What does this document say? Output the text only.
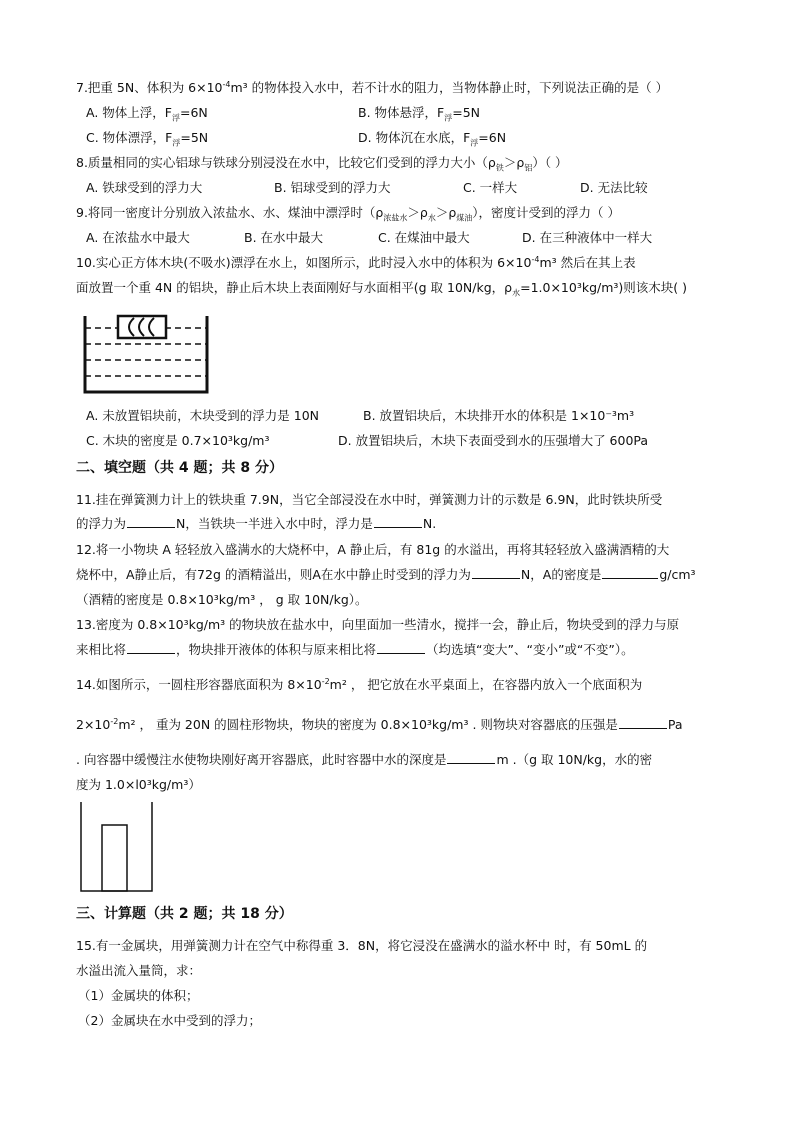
7.把重 5N、体积为 $6\times 10^{-4}m^3$ 的物体投入水中，若不计水的阻力，当物体静止时，下列说法正确的是（ ）
A. 物体上浮，$F_浮=6N$	B. 物体悬浮，$F_浮=5N$
C. 物体漂浮，$F_浮=5N$	D. 物体沉在水底，$F_浮=6N$
8.质量相同的实心铝球与铁球分别浸没在水中，比较它们受到的浮力大小$(\rho_铁>\rho_铝)$（ ）
A. 铁球受到的浮力大	B. 铝球受到的浮力大	C. 一样大	D. 无法比较
9.将同一密度计分别放入浓盐水、水、煤油中漂浮时$(\rho_{浓盐水}>\rho_水>\rho_{煤油})$，密度计受到的浮力（ ）
A. 在浓盐水中最大	B. 在水中最大	C. 在煤油中最大	D. 在三种液体中一样大
10.实心正方体木块(不吸水)漂浮在水上，如图所示，此时浸入水中的体积为 $6\times 10^{-4}m^3$ 然后在其上表
面放置一个重 4N 的铝块，静止后木块上表面刚好与水面相平(g 取 10N/kg，$\rho_水=1.0\times 10^3kg/m^3$)则该木块( )
A. 未放置铝块前，木块受到的浮力是 10N	B. 放置铝块后，木块排开水的体积是 1×10⁻³m³
C. 木块的密度是 0.7×10³kg/m³	D. 放置铝块后，木块下表面受到水的压强增大了 600Pa
二、填空题（共 4 题；共 8 分）
11.挂在弹簧测力计上的铁块重 7.9N，当它全部浸没在水中时，弹簧测力计的示数是 6.9N，此时铁块所受
的浮力为	N，当铁块一半进入水中时，浮力是	N.
12.将一小物块 A 轻轻放入盛满水的大烧杯中，A 静止后，有 81g 的水溢出，再将其轻轻放入盛满酒精的大
烧杯中，A静止后，有72g 的酒精溢出，则A在水中静止时受到的浮力为	N，A的密度是	g/cm³
（酒精的密度是 0.8×10³kg/m³ ， g 取 10N/kg）。
13.密度为 0.8×10³kg/m³ 的物块放在盐水中，向里面加一些清水，搅拌一会，静止后，物块受到的浮力与原
来相比将	，物块排开液体的体积与原来相比将	（均选填“变大”、“变小”或“不变”）。
14.如图所示，一圆柱形容器底面积为 $8\times 10^{-2}m^2$ ， 把它放在水平桌面上，在容器内放入一个底面积为
$2\times 10^{-2}m^2$ ， 重为 20N 的圆柱形物块，物块的密度为 0.8×10³kg/m³ . 则物块对容器底的压强是	Pa
. 向容器中缓慢注水使物块刚好离开容器底，此时容器中水的深度是	m .（g 取 10N/kg，水的密
度为 1.0×l0³kg/m³）
三、计算题（共 2 题；共 18 分）
15.有一金属块，用弹簧测力计在空气中称得重 3．8N，将它浸没在盛满水的溢水杯中 时，有 50mL 的
水溢出流入量筒，求：
（1）金属块的体积；
（2）金属块在水中受到的浮力；
